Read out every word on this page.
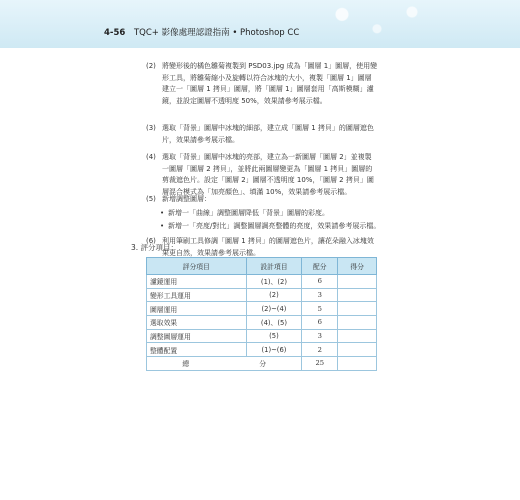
4-56 TQC+ 影像處理認證指南 • Photoshop CC
(2) 將變形後的橘色雛菊複製到 PSD03.jpg 成為「圖層 1」圖層，使用變形工具，將雛菊縮小及旋轉以符合冰塊的大小，複製「圖層 1」圖層建立一「圖層 1 拷貝」圖層，將「圖層 1」圖層套用「高斯模糊」濾鏡，並設定圖層不透明度 50%，效果請參考展示檔。
(3) 選取「背景」圖層中冰塊的細部，建立成「圖層 1 拷貝」的圖層遮色片，效果請參考展示檔。
(4) 選取「背景」圖層中冰塊的亮部，建立為一新圖層「圖層 2」並複製一圖層「圖層 2 拷貝」，並將此兩圖層變更為「圖層 1 拷貝」圖層的剪裁遮色片。設定「圖層 2」圖層不透明度 10%，「圖層 2 拷貝」圖層混合模式為「加亮顏色」、填滿 10%，效果請參考展示檔。
(5) 新增調整圖層：
• 新增一「曲線」調整圖層降低「背景」圖層的彩度。
• 新增一「亮度/對比」調整圖層調亮整體的亮度，效果請參考展示檔。
(6) 利用筆刷工具修調「圖層 1 拷貝」的圖層遮色片，讓花朵融入冰塊效果更自然，效果請參考展示檔。
3. 評分項目：
評分項目	設計項目	配分	得分
濾鏡運用	(1)、(2)	6	
變形工具運用	(2)	3	
圖層運用	(2)~(4)	5	
選取效果	(4)、(5)	6	
調整圖層運用	(5)	3	
整體配置	(1)~(6)	2	
總 分		25	
